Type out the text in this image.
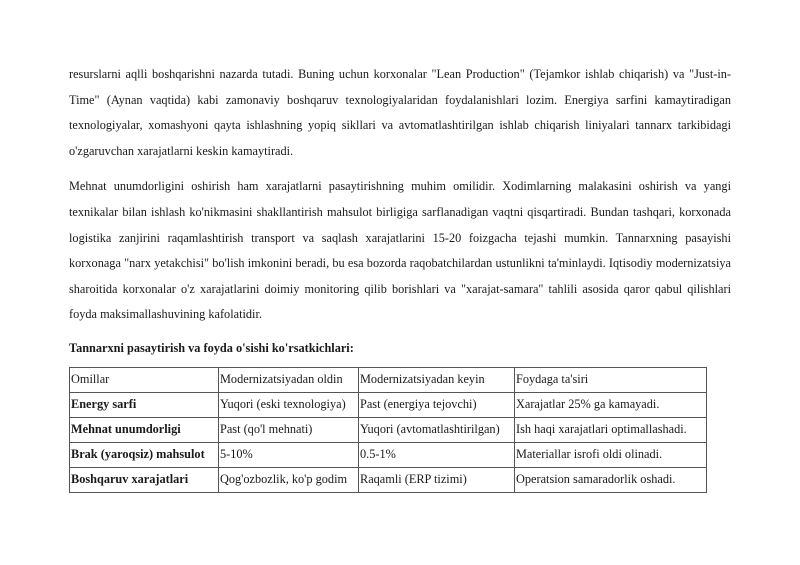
resurslarni aqlli boshqarishni nazarda tutadi. Buning uchun korxonalar "Lean Production" (Tejamkor ishlab chiqarish) va "Just-in-Time" (Aynan vaqtida) kabi zamonaviy boshqaruv texnologiyalaridan foydalanishlari lozim. Energiya sarfini kamaytiradigan texnologiyalar, xomashyoni qayta ishlashning yopiq sikllari va avtomatlashtirilgan ishlab chiqarish liniyalari tannarx tarkibidagi o'zgaruvchan xarajatlarni keskin kamaytiradi.

Mehnat unumdorligini oshirish ham xarajatlarni pasaytirishning muhim omilidir. Xodimlarning malakasini oshirish va yangi texnikalar bilan ishlash ko'nikmasini shakllantirish mahsulot birligiga sarflanadigan vaqtni qisqartiradi. Bundan tashqari, korxonada logistika zanjirini raqamlashtirish transport va saqlash xarajatlarini 15-20 foizgacha tejashi mumkin. Tannarxning pasayishi korxonaga "narx yetakchisi" bo'lish imkonini beradi, bu esa bozorda raqobatchilardan ustunlikni ta'minlaydi. Iqtisodiy modernizatsiya sharoitida korxonalar o'z xarajatlarini doimiy monitoring qilib borishlari va "xarajat-samara" tahlili asosida qaror qabul qilishlari foyda maksimallashuvining kafolatidir.

Tannarxni pasaytirish va foyda o'sishi ko'rsatkichlari:
Omillar	Modernizatsiyadan oldin	Modernizatsiyadan keyin	Foydaga ta'siri
Energy sarfi	Yuqori (eski texnologiya)	Past (energiya tejovchi)	Xarajatlar 25% ga kamayadi.
Mehnat unumdorligi	Past (qo'l mehnati)	Yuqori (avtomatlashtirilgan)	Ish haqi xarajatlari optimallashadi.
Brak (yaroqsiz) mahsulot	5-10%	0.5-1%	Materiallar isrofi oldi olinadi.
Boshqaruv xarajatlari	Qog'ozbozlik, ko'p godim	Raqamli (ERP tizimi)	Operatsion samaradorlik oshadi.
